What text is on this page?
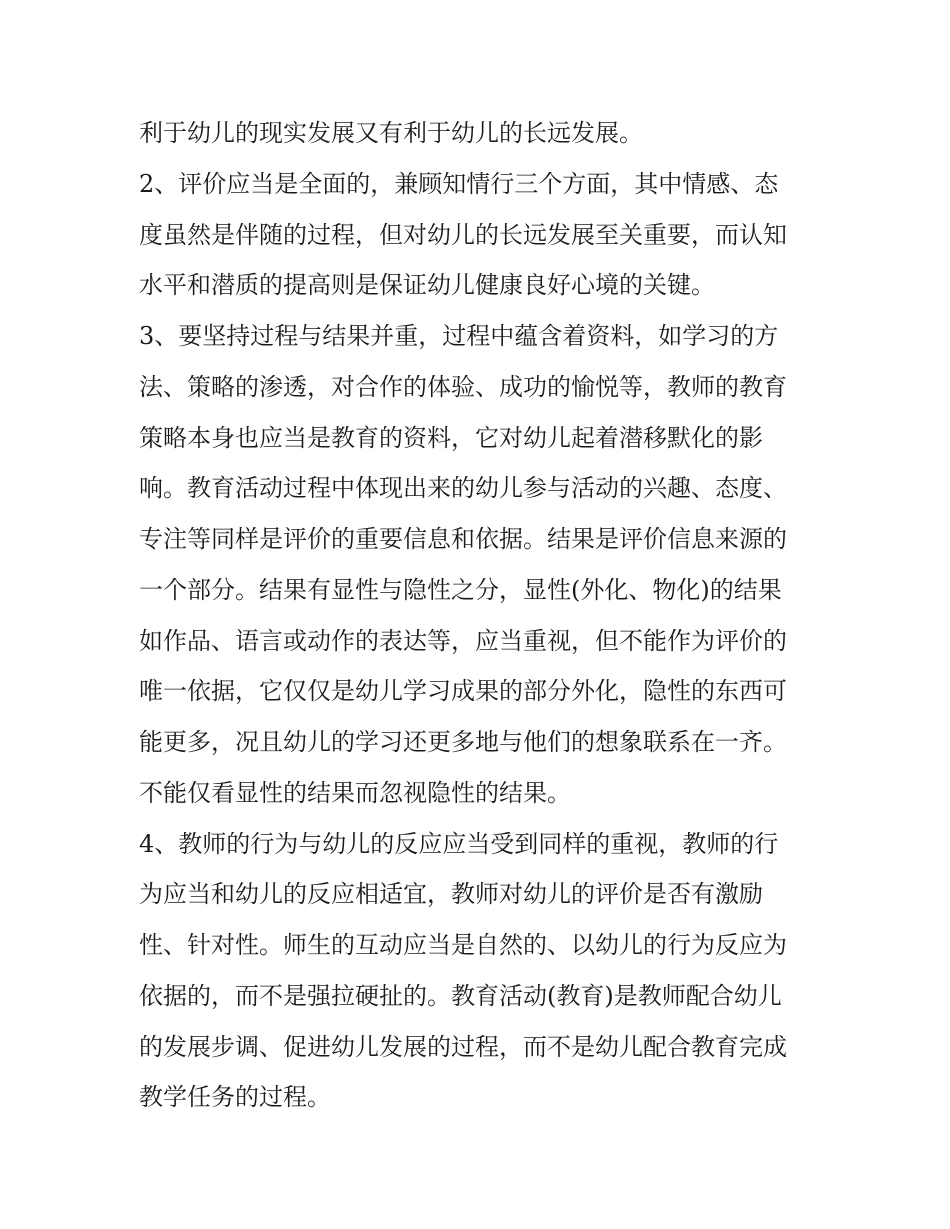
利于幼儿的现实发展又有利于幼儿的长远发展。
2、评价应当是全面的，兼顾知情行三个方面，其中情感、态
度虽然是伴随的过程，但对幼儿的长远发展至关重要，而认知
水平和潜质的提高则是保证幼儿健康良好心境的关键。
3、要坚持过程与结果并重，过程中蕴含着资料，如学习的方
法、策略的渗透，对合作的体验、成功的愉悦等，教师的教育
策略本身也应当是教育的资料，它对幼儿起着潜移默化的影
响。教育活动过程中体现出来的幼儿参与活动的兴趣、态度、
专注等同样是评价的重要信息和依据。结果是评价信息来源的
一个部分。结果有显性与隐性之分，显性(外化、物化)的结果
如作品、语言或动作的表达等，应当重视，但不能作为评价的
唯一依据，它仅仅是幼儿学习成果的部分外化，隐性的东西可
能更多，况且幼儿的学习还更多地与他们的想象联系在一齐。
不能仅看显性的结果而忽视隐性的结果。
4、教师的行为与幼儿的反应应当受到同样的重视，教师的行
为应当和幼儿的反应相适宜，教师对幼儿的评价是否有激励
性、针对性。师生的互动应当是自然的、以幼儿的行为反应为
依据的，而不是强拉硬扯的。教育活动(教育)是教师配合幼儿
的发展步调、促进幼儿发展的过程，而不是幼儿配合教育完成
教学任务的过程。
